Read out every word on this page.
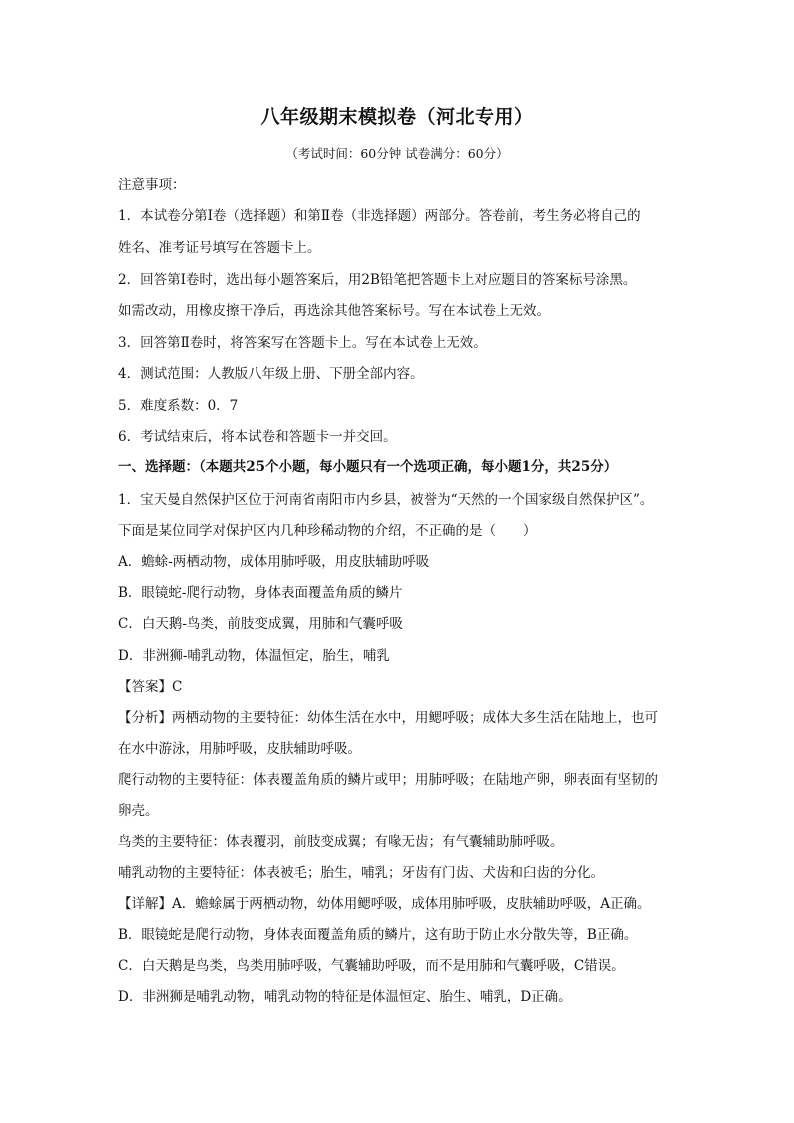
八年级期末模拟卷（河北专用）
（考试时间：60分钟 试卷满分：60分）
注意事项：
1．本试卷分第Ⅰ卷（选择题）和第Ⅱ卷（非选择题）两部分。答卷前，考生务必将自己的
姓名、准考证号填写在答题卡上。
2．回答第Ⅰ卷时，选出每小题答案后，用2B铅笔把答题卡上对应题目的答案标号涂黑。
如需改动，用橡皮擦干净后，再选涂其他答案标号。写在本试卷上无效。
3．回答第Ⅱ卷时，将答案写在答题卡上。写在本试卷上无效。
4．测试范围：人教版八年级上册、下册全部内容。
5．难度系数：0．7
6．考试结束后，将本试卷和答题卡一并交回。
一、选择题：（本题共25个小题，每小题只有一个选项正确，每小题1分，共25分）
1．宝天曼自然保护区位于河南省南阳市内乡县，被誉为“天然的一个国家级自然保护区”。
下面是某位同学对保护区内几种珍稀动物的介绍，不正确的是（　　）
A．蟾蜍-两栖动物，成体用肺呼吸，用皮肤辅助呼吸
B．眼镜蛇-爬行动物，身体表面覆盖角质的鳞片
C．白天鹅-鸟类，前肢变成翼，用肺和气囊呼吸
D．非洲狮-哺乳动物，体温恒定，胎生，哺乳
【答案】C
【分析】两栖动物的主要特征：幼体生活在水中，用鳃呼吸；成体大多生活在陆地上，也可
在水中游泳，用肺呼吸，皮肤辅助呼吸。
爬行动物的主要特征：体表覆盖角质的鳞片或甲；用肺呼吸；在陆地产卵，卵表面有坚韧的
卵壳。
鸟类的主要特征：体表覆羽，前肢变成翼；有喙无齿；有气囊辅助肺呼吸。
哺乳动物的主要特征：体表被毛；胎生，哺乳；牙齿有门齿、犬齿和臼齿的分化。
【详解】A．蟾蜍属于两栖动物，幼体用鳃呼吸，成体用肺呼吸，皮肤辅助呼吸，A正确。
B．眼镜蛇是爬行动物，身体表面覆盖角质的鳞片，这有助于防止水分散失等，B正确。
C．白天鹅是鸟类，鸟类用肺呼吸，气囊辅助呼吸，而不是用肺和气囊呼吸，C错误。
D．非洲狮是哺乳动物，哺乳动物的特征是体温恒定、胎生、哺乳，D正确。
